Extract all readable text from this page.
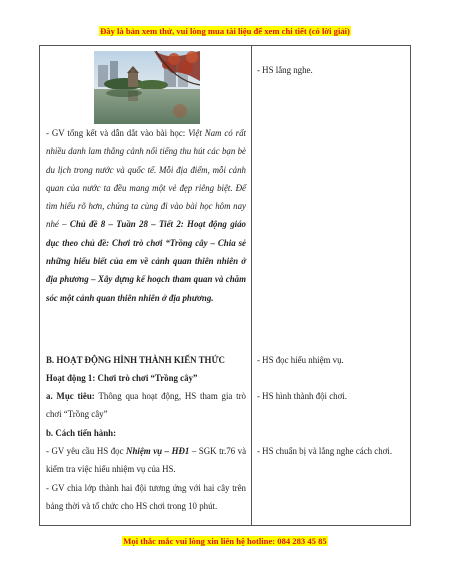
Đây là bản xem thử, vui lòng mua tài liệu để xem chi tiết (có lời giải)
- GV tổng kết và dẫn dắt vào bài học: Việt Nam có rất nhiều danh lam thắng cảnh nổi tiếng thu hút các bạn bè du lịch trong nước và quốc tế. Mỗi địa điểm, mỗi cảnh quan của nước ta đều mang một vẻ đẹp riêng biệt. Để tìm hiểu rõ hơn, chúng ta cùng đi vào bài học hôm nay nhé – Chủ đề 8 – Tuần 28 – Tiết 2: Hoạt động giáo dục theo chủ đề: Chơi trò chơi “Trồng cây – Chia sẻ những hiểu biết của em về cảnh quan thiên nhiên ở địa phương – Xây dựng kế hoạch tham quan và chăm sóc một cảnh quan thiên nhiên ở địa phương.
B. HOẠT ĐỘNG HÌNH THÀNH KIẾN THỨC
Hoạt động 1: Chơi trò chơi “Trồng cây”
a. Mục tiêu: Thông qua hoạt động, HS tham gia trò chơi “Trồng cây”
b. Cách tiến hành:
- GV yêu cầu HS đọc Nhiệm vụ – HĐ1 – SGK tr.76 và kiểm tra việc hiểu nhiệm vụ của HS.
- GV chia lớp thành hai đội tương ứng với hai cây trên bảng thời và tổ chức cho HS chơi trong 10 phút.
- HS lắng nghe.
- HS đọc hiểu nhiệm vụ.
- HS hình thành đội chơi.
- HS chuẩn bị và lắng nghe cách chơi.
Mọi thắc mắc vui lòng xin liên hệ hotline: 084 283 45 85
